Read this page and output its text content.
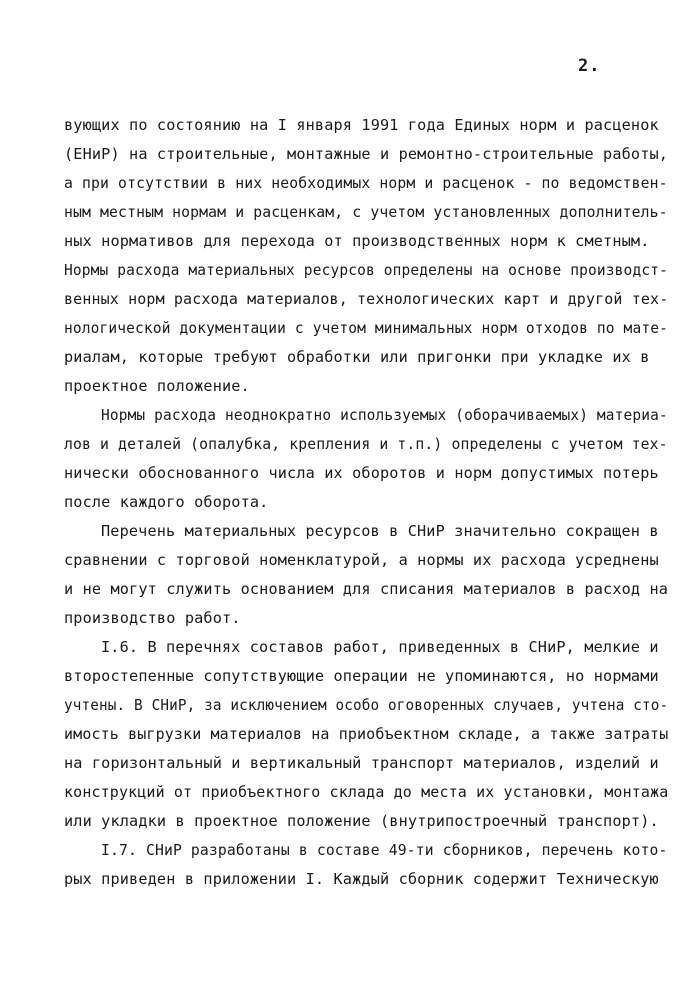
2.
вующих по состоянию на I января 1991 года Единых норм и расценок
(ЕНиР) на строительные, монтажные и ремонтно-строительные работы,
а при отсутствии в них необходимых норм и расценок - по ведомствен-
ным местным нормам и расценкам, с учетом установленных дополнитель-
ных нормативов для перехода от производственных норм к сметным.
Нормы расхода материальных ресурсов определены на основе производст-
венных норм расхода материалов, технологических карт и другой тех-
нологической документации с учетом минимальных норм отходов по мате-
риалам, которые требуют обработки или пригонки при укладке их в
проектное положение.
Нормы расхода неоднократно используемых (оборачиваемых) материа-
лов и деталей (опалубка, крепления и т.п.) определены с учетом тех-
нически обоснованного числа их оборотов и норм допустимых потерь
после каждого оборота.
Перечень материальных ресурсов в СНиР значительно сокращен в
сравнении с торговой номенклатурой, а нормы их расхода усреднены
и не могут служить основанием для списания материалов в расход на
производство работ.
I.6. В перечнях составов работ, приведенных в СНиР, мелкие и
второстепенные сопутствующие операции не упоминаются, но нормами
учтены. В СНиР, за исключением особо оговоренных случаев, учтена сто-
имость выгрузки материалов на приобъектном складе, а также затраты
на горизонтальный и вертикальный транспорт материалов, изделий и
конструкций от приобъектного склада до места их установки, монтажа
или укладки в проектное положение (внутрипостроечный транспорт).
I.7. СНиР разработаны в составе 49-ти сборников, перечень кото-
рых приведен в приложении I. Каждый сборник содержит Техническую
